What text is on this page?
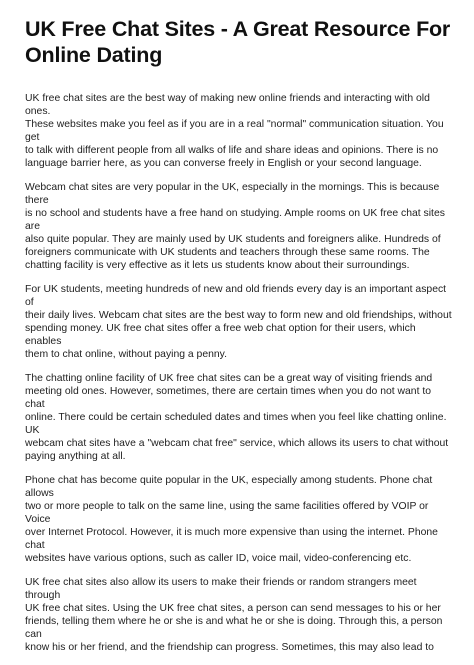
UK Free Chat Sites - A Great Resource For
Online Dating

UK free chat sites are the best way of making new online friends and interacting with old ones.
These websites make you feel as if you are in a real "normal" communication situation. You get
to talk with different people from all walks of life and share ideas and opinions. There is no
language barrier here, as you can converse freely in English or your second language.

Webcam chat sites are very popular in the UK, especially in the mornings. This is because there
is no school and students have a free hand on studying. Ample rooms on UK free chat sites are
also quite popular. They are mainly used by UK students and foreigners alike. Hundreds of
foreigners communicate with UK students and teachers through these same rooms. The
chatting facility is very effective as it lets us students know about their surroundings.

For UK students, meeting hundreds of new and old friends every day is an important aspect of
their daily lives. Webcam chat sites are the best way to form new and old friendships, without
spending money. UK free chat sites offer a free web chat option for their users, which enables
them to chat online, without paying a penny.

The chatting online facility of UK free chat sites can be a great way of visiting friends and
meeting old ones. However, sometimes, there are certain times when you do not want to chat
online. There could be certain scheduled dates and times when you feel like chatting online. UK
webcam chat sites have a "webcam chat free" service, which allows its users to chat without
paying anything at all.

Phone chat has become quite popular in the UK, especially among students. Phone chat allows
two or more people to talk on the same line, using the same facilities offered by VOIP or Voice
over Internet Protocol. However, it is much more expensive than using the internet. Phone chat
websites have various options, such as caller ID, voice mail, video-conferencing etc.

UK free chat sites also allow its users to make their friends or random strangers meet through
UK free chat sites. Using the UK free chat sites, a person can send messages to his or her
friends, telling them where he or she is and what he or she is doing. Through this, a person can
know his or her friend, and the friendship can progress. Sometimes, this may also lead to
